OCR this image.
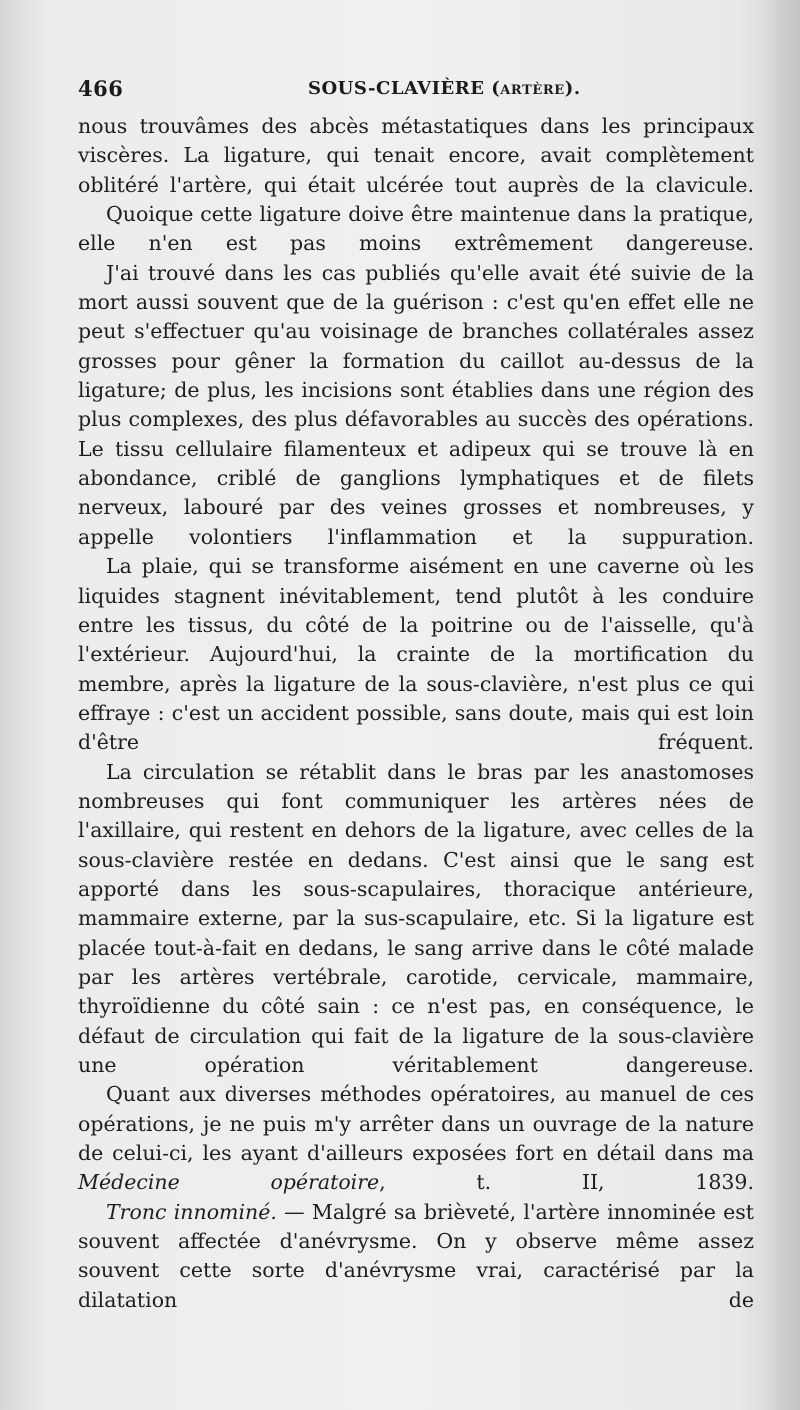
466	SOUS-CLAVIÈRE (ARTÈRE).

nous trouvâmes des abcès métastatiques dans les principaux viscères. La ligature, qui tenait encore, avait complètement oblitéré l'artère, qui était ulcérée tout auprès de la clavicule.

Quoique cette ligature doive être maintenue dans la pratique, elle n'en est pas moins extrêmement dangereuse.

J'ai trouvé dans les cas publiés qu'elle avait été suivie de la mort aussi souvent que de la guérison : c'est qu'en effet elle ne peut s'effectuer qu'au voisinage de branches collatérales assez grosses pour gêner la formation du caillot au-dessus de la ligature; de plus, les incisions sont établies dans une région des plus complexes, des plus défavorables au succès des opérations. Le tissu cellulaire filamenteux et adipeux qui se trouve là en abondance, criblé de ganglions lymphatiques et de filets nerveux, labouré par des veines grosses et nombreuses, y appelle volontiers l'inflammation et la suppuration.

La plaie, qui se transforme aisément en une caverne où les liquides stagnent inévitablement, tend plutôt à les conduire entre les tissus, du côté de la poitrine ou de l'aisselle, qu'à l'extérieur. Aujourd'hui, la crainte de la mortification du membre, après la ligature de la sous-clavière, n'est plus ce qui effraye : c'est un accident possible, sans doute, mais qui est loin d'être fréquent.

La circulation se rétablit dans le bras par les anastomoses nombreuses qui font communiquer les artères nées de l'axillaire, qui restent en dehors de la ligature, avec celles de la sous-clavière restée en dedans. C'est ainsi que le sang est apporté dans les sous-scapulaires, thoracique antérieure, mammaire externe, par la sus-scapulaire, etc. Si la ligature est placée tout-à-fait en dedans, le sang arrive dans le côté malade par les artères vertébrale, carotide, cervicale, mammaire, thyroïdienne du côté sain : ce n'est pas, en conséquence, le défaut de circulation qui fait de la ligature de la sous-clavière une opération véritablement dangereuse.

Quant aux diverses méthodes opératoires, au manuel de ces opérations, je ne puis m'y arrêter dans un ouvrage de la nature de celui-ci, les ayant d'ailleurs exposées fort en détail dans ma Médecine opératoire, t. II, 1839.

Tronc innominé. — Malgré sa brièveté, l'artère innominée est souvent affectée d'anévrysme. On y observe même assez souvent cette sorte d'anévrysme vrai, caractérisé par la dilatation de
